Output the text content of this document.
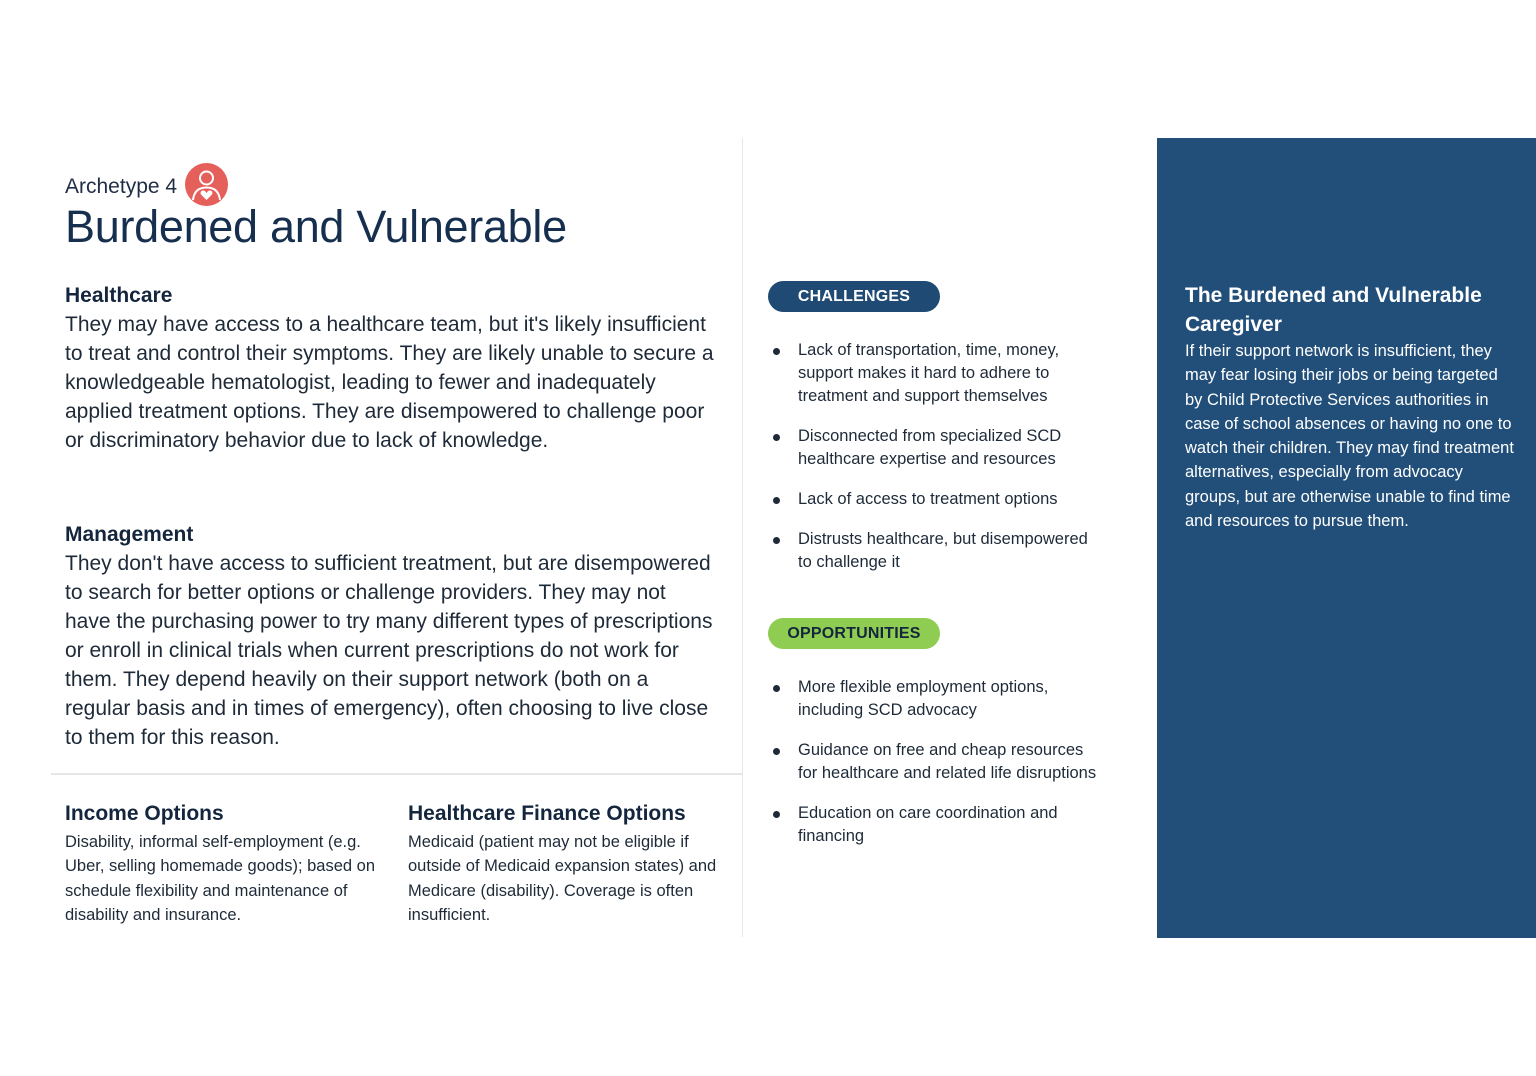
Archetype 4
Burdened and Vulnerable
Healthcare

They may have access to a healthcare team, but it's likely insufficient to treat and control their symptoms. They are likely unable to secure a knowledgeable hematologist, leading to fewer and inadequately applied treatment options. They are disempowered to challenge poor or discriminatory behavior due to lack of knowledge.

Management

They don't have access to sufficient treatment, but are disempowered to search for better options or challenge providers. They may not have the purchasing power to try many different types of prescriptions or enroll in clinical trials when current prescriptions do not work for them. They depend heavily on their support network (both on a regular basis and in times of emergency), often choosing to live close to them for this reason.

Income Options

Disability, informal self-employment (e.g. Uber, selling homemade goods); based on schedule flexibility and maintenance of disability and insurance.

Healthcare Finance Options

Medicaid (patient may not be eligible if outside of Medicaid expansion states) and Medicare (disability). Coverage is often insufficient.

CHALLENGES
Lack of transportation, time, money, support makes it hard to adhere to treatment and support themselves
Disconnected from specialized SCD healthcare expertise and resources
Lack of access to treatment options
Distrusts healthcare, but disempowered to challenge it
OPPORTUNITIES
More flexible employment options, including SCD advocacy
Guidance on free and cheap resources for healthcare and related life disruptions
Education on care coordination and financing
The Burdened and Vulnerable Caregiver

If their support network is insufficient, they may fear losing their jobs or being targeted by Child Protective Services authorities in case of school absences or having no one to watch their children. They may find treatment alternatives, especially from advocacy groups, but are otherwise unable to find time and resources to pursue them.
